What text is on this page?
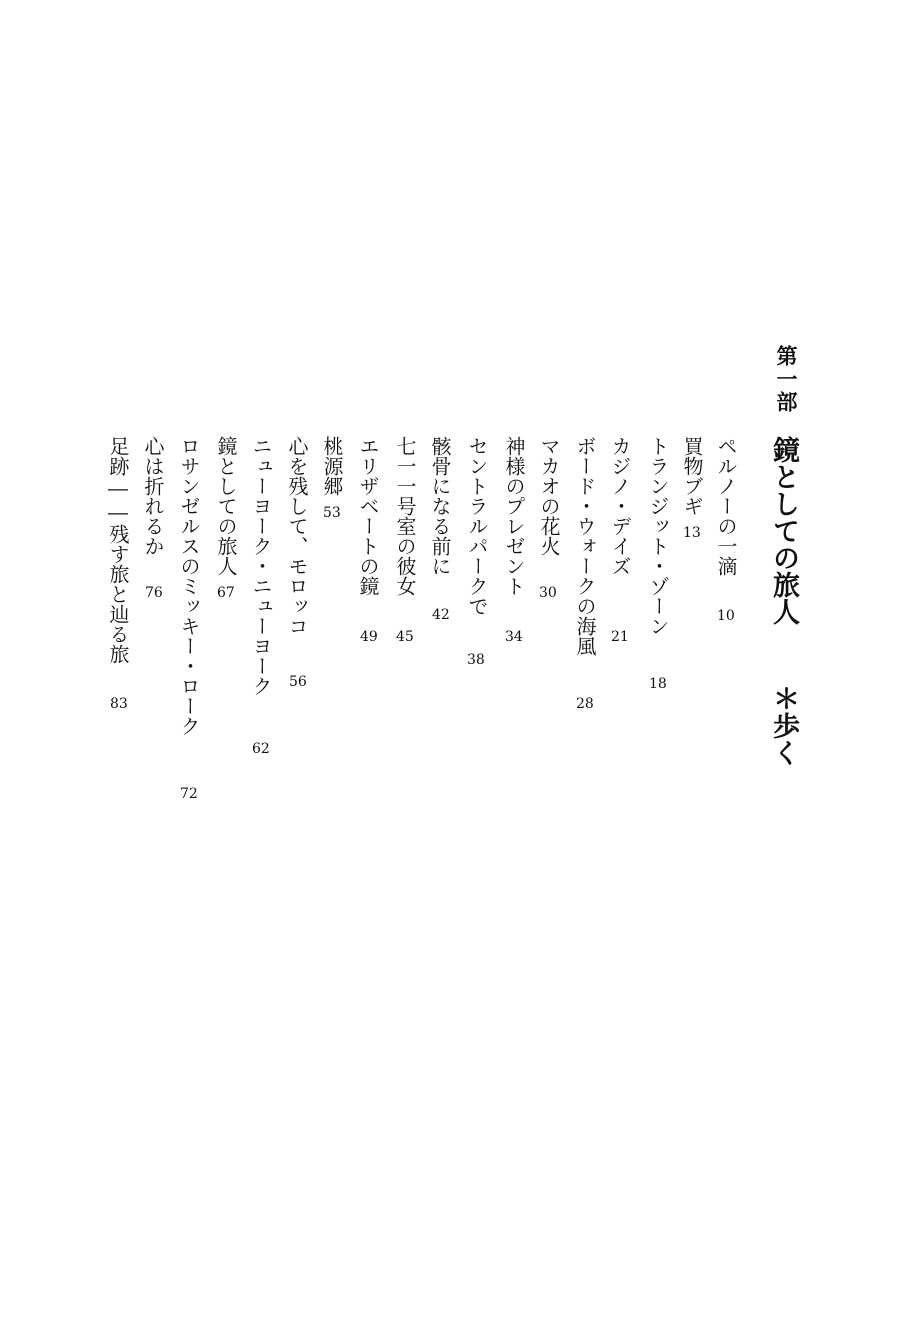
第一部
鏡としての旅人＊歩く
ペルノーの一滴
10
買物ブギ
13
トランジット・ゾーン
18
カジノ・デイズ
21
ボード・ウォークの海風
28
マカオの花火
30
神様のプレゼント
34
セントラルパークで
38
骸骨になる前に
42
七一一号室の彼女
45
エリザベートの鏡
49
桃源郷
53
心を残して、モロッコ
56
ニューヨーク・ニューヨーク
62
鏡としての旅人
67
ロサンゼルスのミッキー・ローク
72
心は折れるか
76
足跡――残す旅と辿る旅
83
